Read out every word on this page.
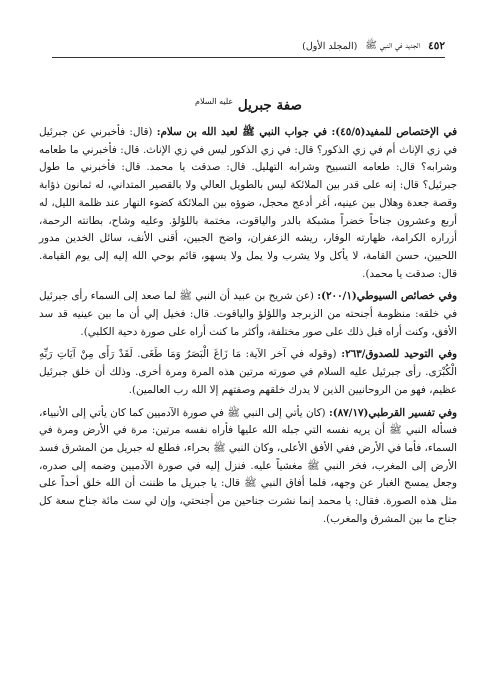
٤٥٢
الجديد في النبي ﷺ
(المجلد الأول)
صفة جبريل $^{عليه السلام}$

في الإختصاص للمفيد(٤٥/٥): في جواب النبي ﷺ لعبد الله بن سلام: (قال: فأخبرني عن جبرئيل في زي الإناث أم في زي الذكور؟ قال: في زي الذكور ليس في زي الإناث. قال: فأخبرني ما طعامه وشرابه؟ قال: طعامه التسبيح وشرابه التهليل. قال: صدقت يا محمد. قال: فأخبرني ما طول جبرئيل؟ قال: إنه على قدر بين الملائكة ليس بالطويل العالي ولا بالقصير المتداني، له ثمانون ذؤابة وقصة جعدة وهلال بين عينيه، أغر أدعج محجل، ضوؤه بين الملائكة كضوء النهار عند ظلمة الليل، له أربع وعشرون جناحاً خضراً مشبكة بالدر والياقوت، مختمة باللؤلؤ. وعليه وشاح، بطانته الرحمة، أزراره الكرامة، ظهارته الوقار، ريشه الزعفران، واضح الجبين، أقنى الأنف، سائل الخدين مدور اللحيين، حسن القامة، لا يأكل ولا يشرب ولا يمل ولا يسهو، قائم بوحي الله إليه إلى يوم القيامة. قال: صدقت يا محمد).

وفي خصائص السيوطي(٢٠٠/١): (عن شريح بن عبيد أن النبي ﷺ لما صعد إلى السماء رأى جبرئيل في خلقه: منظومة أجنحته من الزبرجد واللؤلؤ والياقوت. قال: فخيل إلي أن ما بين عينيه قد سد الأفق، وكنت أراه قبل ذلك على صور مختلفة، وأكثر ما كنت أراه على صورة دحية الكلبي).

وفي التوحيد للصدوق/٢٦٣: (وقوله في آخر الآية: مَا زَاغَ الْبَصَرُ وَمَا طَغَى. لَقَدْ رَأَى مِنْ آيَاتِ رَبِّهِ الْكُبْرَى. رأى جبرئيل عليه السلام في صورته مرتين هذه المرة ومرة أخرى. وذلك أن خلق جبرئيل عظيم، فهو من الروحانيين الذين لا يدرك خلقهم وصفتهم إلا الله رب العالمين).

وفي تفسير القرطبي(٨٧/١٧): (كان يأتي إلى النبي ﷺ في صورة الآدميين كما كان يأتي إلى الأنبياء، فسأله النبي ﷺ أن يريه نفسه التي جبله الله عليها فأراه نفسه مرتين: مرة في الأرض ومرة في السماء، فأما في الأرض ففي الأفق الأعلى، وكان النبي ﷺ بحراء، فطلع له جبريل من المشرق فسد الأرض إلى المغرب، فخر النبي ﷺ مغشياً عليه. فنزل إليه في صورة الآدميين وضمه إلى صدره، وجعل يمسح الغبار عن وجهه، فلما أفاق النبي ﷺ قال: يا جبريل ما ظننت أن الله خلق أحداً على مثل هذه الصورة. فقال: يا محمد إنما نشرت جناحين من أجنحتي، وإن لي ست مائة جناح سعة كل جناح ما بين المشرق والمغرب).
